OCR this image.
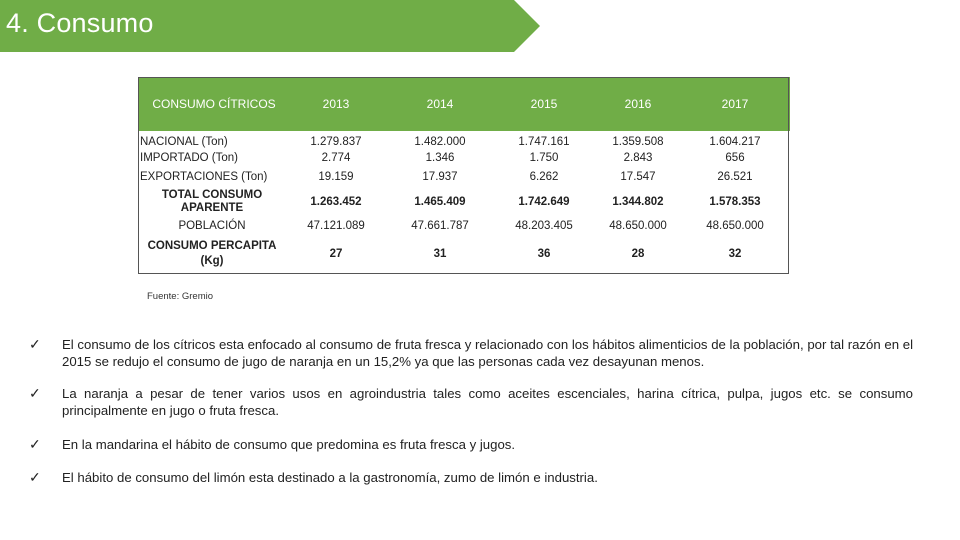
4. Consumo
CONSUMO CÍTRICOS	2013	2014	2015	2016	2017
NACIONAL (Ton)	1.279.837	1.482.000	1.747.161	1.359.508	1.604.217
IMPORTADO (Ton)	2.774	1.346	1.750	2.843	656
EXPORTACIONES (Ton)	19.159	17.937	6.262	17.547	26.521
TOTAL CONSUMO APARENTE	1.263.452	1.465.409	1.742.649	1.344.802	1.578.353
POBLACIÓN	47.121.089	47.661.787	48.203.405	48.650.000	48.650.000
CONSUMO PERCAPITA (Kg)	27	31	36	28	32
Fuente: Gremio
✓ El consumo de los cítricos esta enfocado al consumo de fruta fresca y relacionado con los hábitos alimenticios de la población, por tal razón en el 2015 se redujo el consumo de jugo de naranja en un 15,2% ya que las personas cada vez desayunan menos.
✓ La naranja a pesar de tener varios usos en agroindustria tales como aceites escenciales, harina cítrica, pulpa, jugos etc. se consumo principalmente en jugo o fruta fresca.
✓ En la mandarina el hábito de consumo que predomina es fruta fresca y jugos.
✓ El hábito de consumo del limón esta destinado a la gastronomía, zumo de limón e industria.
